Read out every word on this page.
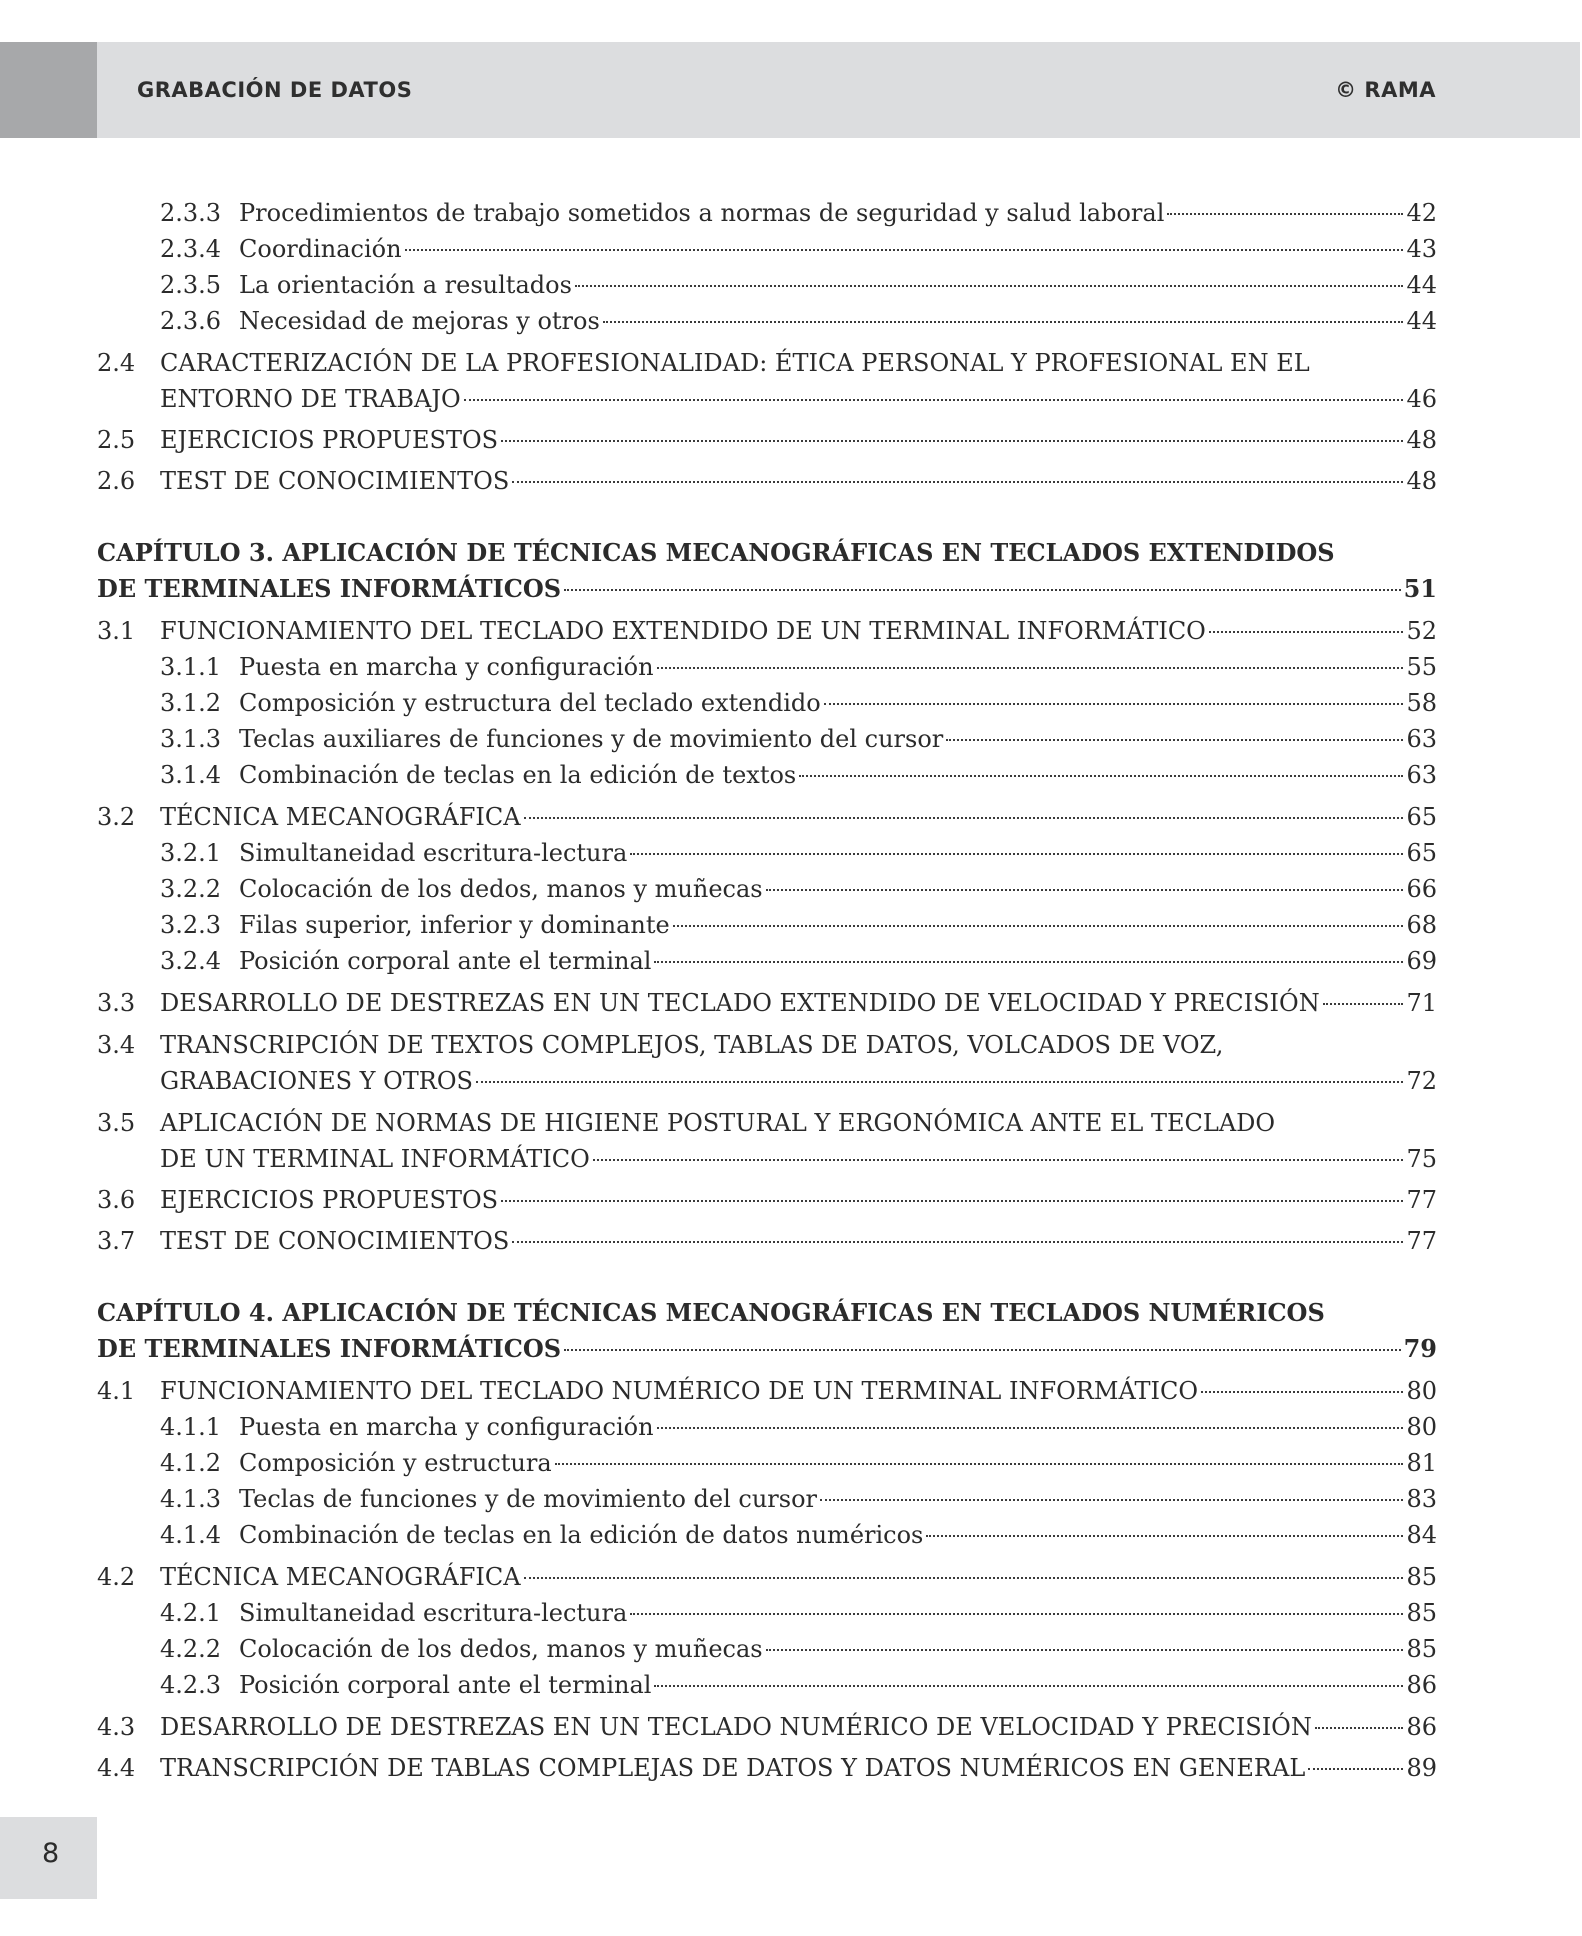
GRABACIÓN DE DATOS	© RAMA
2.3.3 Procedimientos de trabajo sometidos a normas de seguridad y salud laboral	42
2.3.4 Coordinación	43
2.3.5 La orientación a resultados	44
2.3.6 Necesidad de mejoras y otros	44
2.4 CARACTERIZACIÓN DE LA PROFESIONALIDAD: ÉTICA PERSONAL Y PROFESIONAL EN EL
ENTORNO DE TRABAJO	46
2.5	EJERCICIOS PROPUESTOS	48
2.6	TEST DE CONOCIMIENTOS	48
CAPÍTULO 3. APLICACIÓN DE TÉCNICAS MECANOGRÁFICAS EN TECLADOS EXTENDIDOS
DE TERMINALES INFORMÁTICOS	51
3.1	FUNCIONAMIENTO DEL TECLADO EXTENDIDO DE UN TERMINAL INFORMÁTICO	52
3.1.1 Puesta en marcha y configuración	55
3.1.2 Composición y estructura del teclado extendido	58
3.1.3 Teclas auxiliares de funciones y de movimiento del cursor	63
3.1.4 Combinación de teclas en la edición de textos	63
3.2	TÉCNICA MECANOGRÁFICA	65
3.2.1 Simultaneidad escritura-lectura	65
3.2.2 Colocación de los dedos, manos y muñecas	66
3.2.3 Filas superior, inferior y dominante	68
3.2.4 Posición corporal ante el terminal	69
3.3	DESARROLLO DE DESTREZAS EN UN TECLADO EXTENDIDO DE VELOCIDAD Y PRECISIÓN	71
3.4 TRANSCRIPCIÓN DE TEXTOS COMPLEJOS, TABLAS DE DATOS, VOLCADOS DE VOZ,
GRABACIONES Y OTROS	72
3.5 APLICACIÓN DE NORMAS DE HIGIENE POSTURAL Y ERGONÓMICA ANTE EL TECLADO
DE UN TERMINAL INFORMÁTICO	75
3.6	EJERCICIOS PROPUESTOS	77
3.7	TEST DE CONOCIMIENTOS	77
CAPÍTULO 4. APLICACIÓN DE TÉCNICAS MECANOGRÁFICAS EN TECLADOS NUMÉRICOS
DE TERMINALES INFORMÁTICOS	79
4.1	FUNCIONAMIENTO DEL TECLADO NUMÉRICO DE UN TERMINAL INFORMÁTICO	80
4.1.1 Puesta en marcha y configuración	80
4.1.2 Composición y estructura	81
4.1.3 Teclas de funciones y de movimiento del cursor	83
4.1.4 Combinación de teclas en la edición de datos numéricos	84
4.2	TÉCNICA MECANOGRÁFICA	85
4.2.1 Simultaneidad escritura-lectura	85
4.2.2 Colocación de los dedos, manos y muñecas	85
4.2.3 Posición corporal ante el terminal	86
4.3	DESARROLLO DE DESTREZAS EN UN TECLADO NUMÉRICO DE VELOCIDAD Y PRECISIÓN	86
4.4	TRANSCRIPCIÓN DE TABLAS COMPLEJAS DE DATOS Y DATOS NUMÉRICOS EN GENERAL	89
8
